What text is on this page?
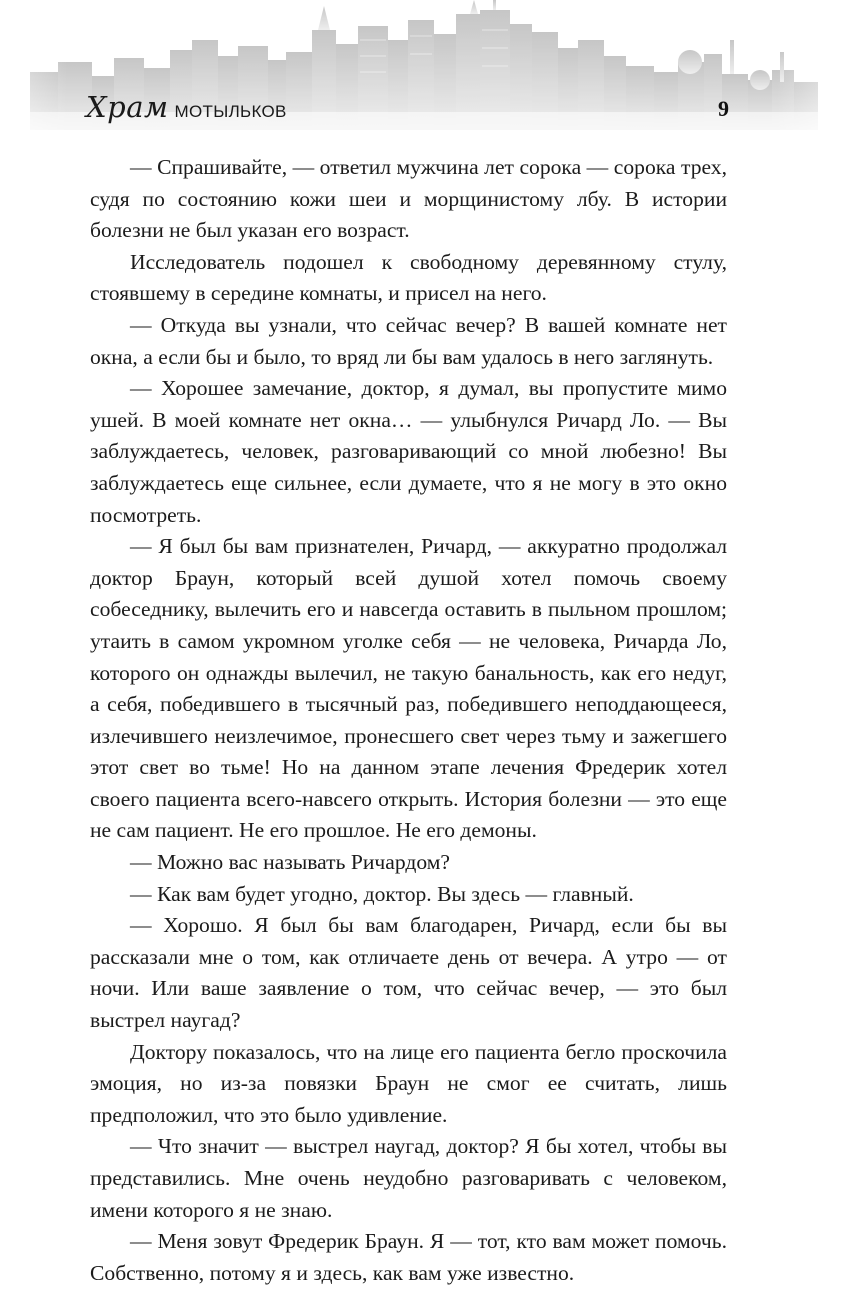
Храм МОТЫЛЬКОВ	9

— Спрашивайте, — ответил мужчина лет сорока — сорока трех, судя по состоянию кожи шеи и морщинистому лбу. В истории болезни не был указан его возраст.

Исследователь подошел к свободному деревянному стулу, стоявшему в середине комнаты, и присел на него.

— Откуда вы узнали, что сейчас вечер? В вашей комнате нет окна, а если бы и было, то вряд ли бы вам удалось в него заглянуть.

— Хорошее замечание, доктор, я думал, вы пропустите мимо ушей. В моей комнате нет окна… — улыбнулся Ричард Ло. — Вы заблуждаетесь, человек, разговаривающий со мной любезно! Вы заблуждаетесь еще сильнее, если думаете, что я не могу в это окно посмотреть.

— Я был бы вам признателен, Ричард, — аккуратно продолжал доктор Браун, который всей душой хотел помочь своему собеседнику, вылечить его и навсегда оставить в пыльном прошлом; утаить в самом укромном уголке себя — не человека, Ричарда Ло, которого он однажды вылечил, не такую банальность, как его недуг, а себя, победившего в тысячный раз, победившего неподдающееся, излечившего неизлечимое, пронесшего свет через тьму и зажегшего этот свет во тьме! Но на данном этапе лечения Фредерик хотел своего пациента всего-навсего открыть. История болезни — это еще не сам пациент. Не его прошлое. Не его демоны.

— Можно вас называть Ричардом?

— Как вам будет угодно, доктор. Вы здесь — главный.

— Хорошо. Я был бы вам благодарен, Ричард, если бы вы рассказали мне о том, как отличаете день от вечера. А утро — от ночи. Или ваше заявление о том, что сейчас вечер, — это был выстрел наугад?

Доктору показалось, что на лице его пациента бегло проскочила эмоция, но из-за повязки Браун не смог ее считать, лишь предположил, что это было удивление.

— Что значит — выстрел наугад, доктор? Я бы хотел, чтобы вы представились. Мне очень неудобно разговаривать с человеком, имени которого я не знаю.

— Меня зовут Фредерик Браун. Я — тот, кто вам может помочь. Собственно, потому я и здесь, как вам уже известно.
